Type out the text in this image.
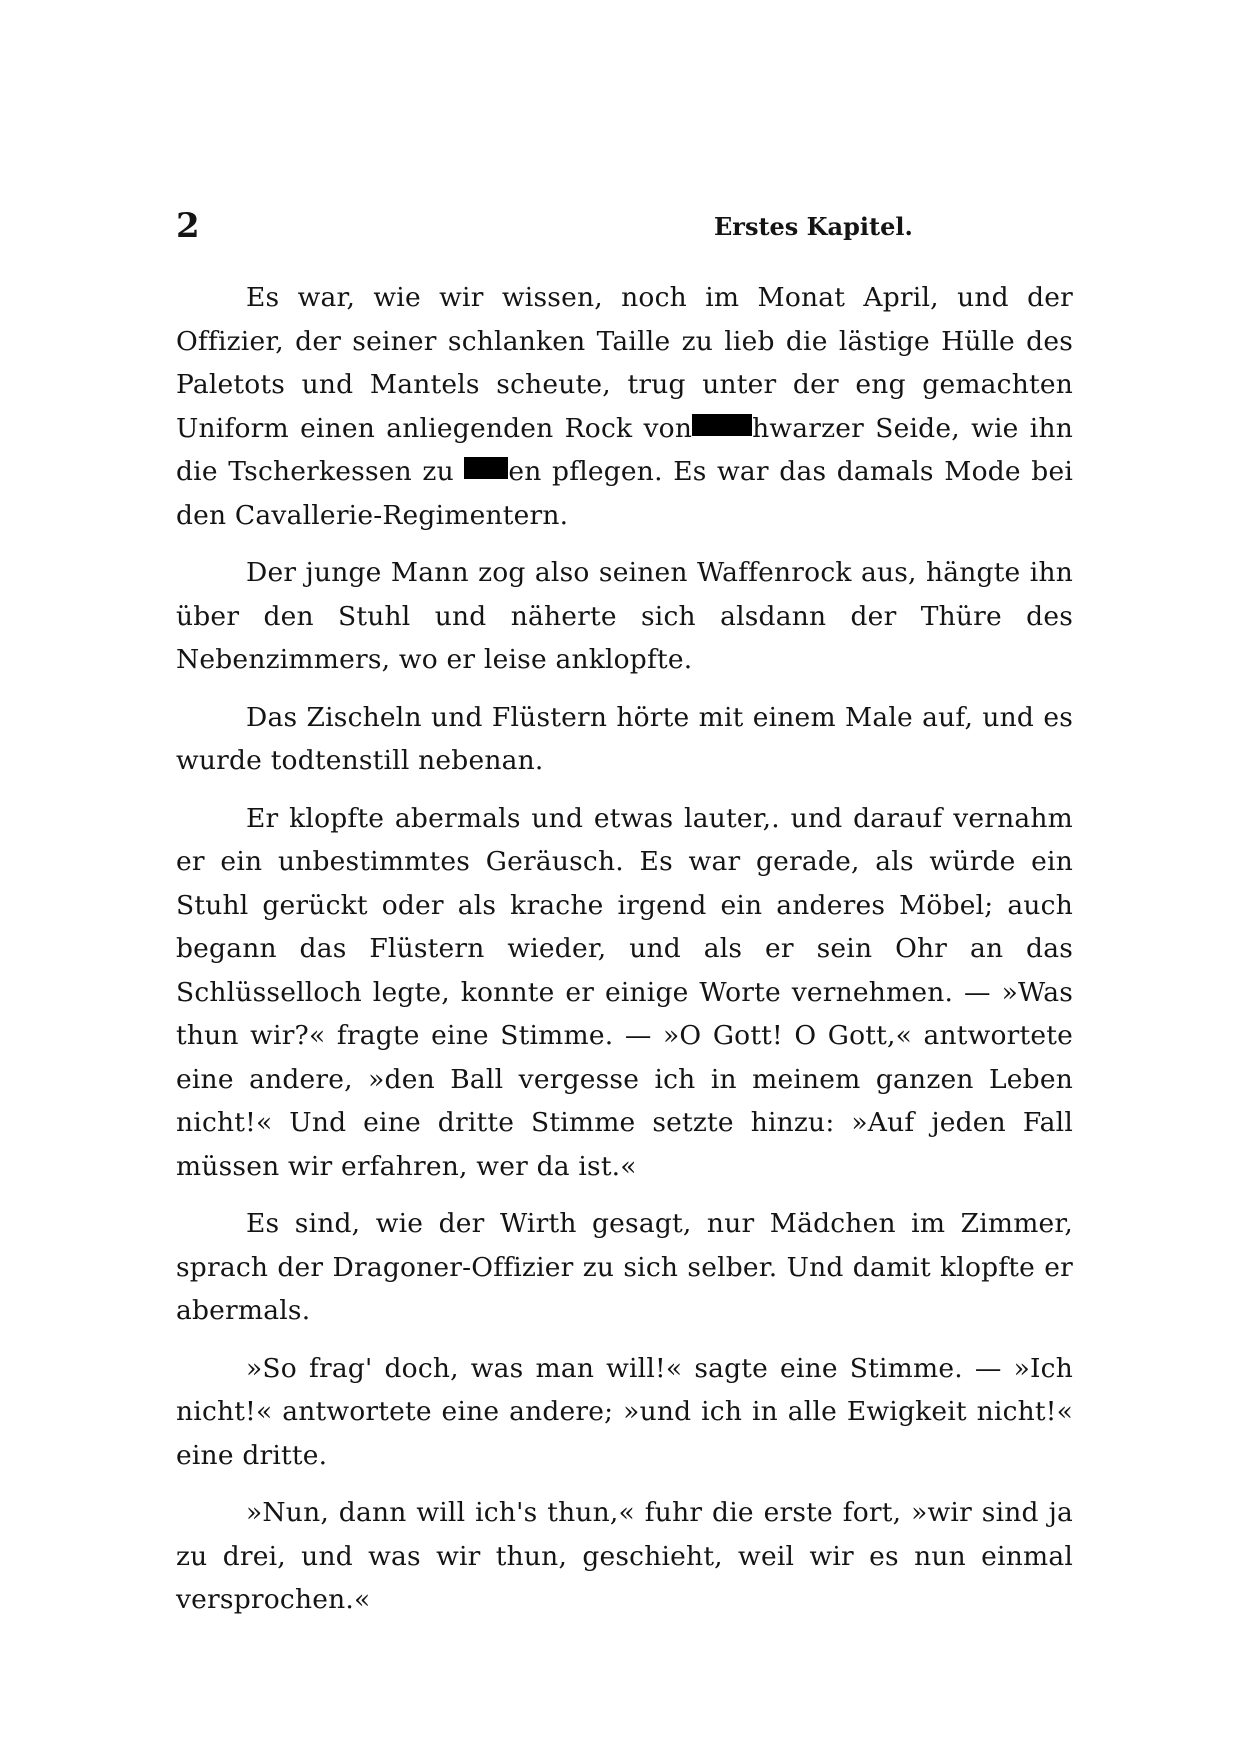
2	Erstes Kapitel.

Es war, wie wir wissen, noch im Monat April, und der Offizier, der seiner schlanken Taille zu lieb die lästige Hülle des Paletots und Mantels scheute, trug unter der eng gemachten Uniform einen anliegenden Rock von hwarzer Seide, wie ihn die Tscherkessen zu en pflegen. Es war das damals Mode bei den Cavallerie-Regimentern.

Der junge Mann zog also seinen Waffenrock aus, hängte ihn über den Stuhl und näherte sich alsdann der Thüre des Nebenzimmers, wo er leise anklopfte.

Das Zischeln und Flüstern hörte mit einem Male auf, und es wurde todtenstill nebenan.

Er klopfte abermals und etwas lauter,. und darauf vernahm er ein unbestimmtes Geräusch. Es war gerade, als würde ein Stuhl gerückt oder als krache irgend ein anderes Möbel; auch begann das Flüstern wieder, und als er sein Ohr an das Schlüsselloch legte, konnte er einige Worte vernehmen. — »Was thun wir?« fragte eine Stimme. — »O Gott! O Gott,« antwortete eine andere, »den Ball vergesse ich in meinem ganzen Leben nicht!« Und eine dritte Stimme setzte hinzu: »Auf jeden Fall müssen wir erfahren, wer da ist.«

Es sind, wie der Wirth gesagt, nur Mädchen im Zimmer, sprach der Dragoner-Offizier zu sich selber. Und damit klopfte er abermals.

»So frag' doch, was man will!« sagte eine Stimme. — »Ich nicht!« antwortete eine andere; »und ich in alle Ewigkeit nicht!« eine dritte.

»Nun, dann will ich's thun,« fuhr die erste fort, »wir sind ja zu drei, und was wir thun, geschieht, weil wir es nun einmal versprochen.«
